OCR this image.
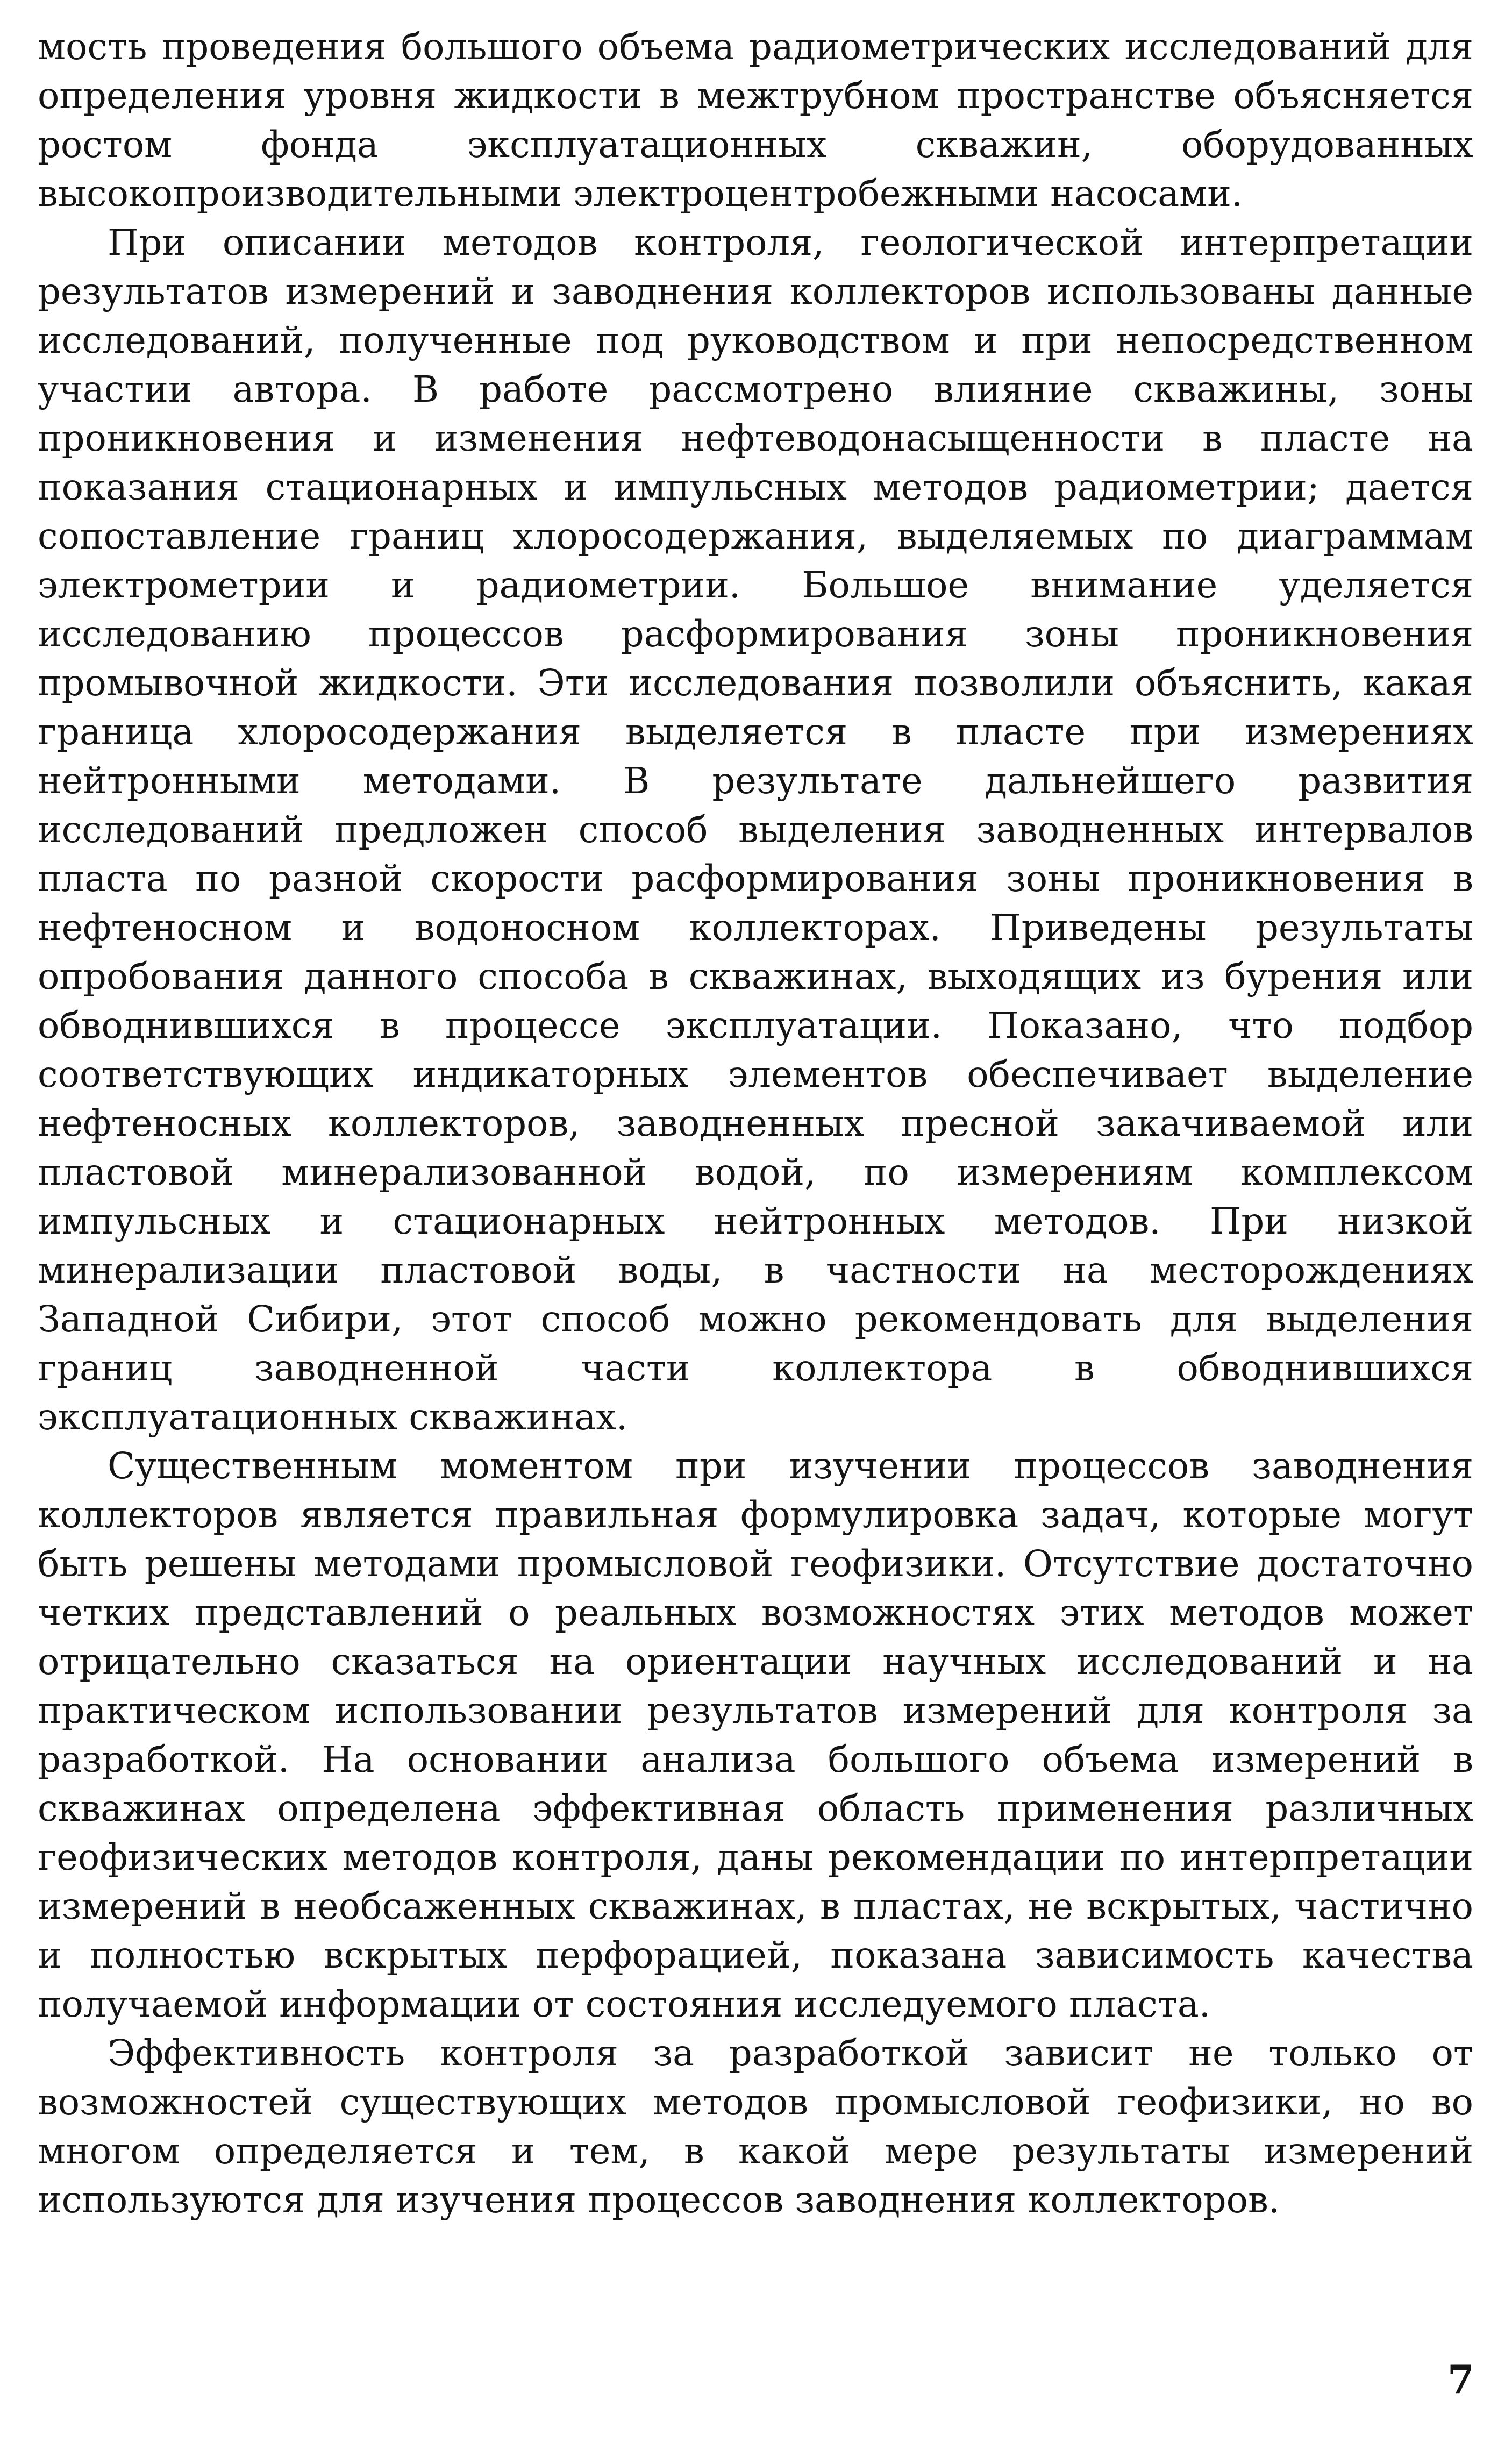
мость проведения большого объема радиометрических исследований для определения уровня жидкости в межтрубном пространстве объясняется ростом фонда эксплуатационных скважин, оборудованных высокопроизводительными электроцентробежными насосами.

При описании методов контроля, геологической интерпретации результатов измерений и заводнения коллекторов использованы данные исследований, полученные под руководством и при непосредственном участии автора. В работе рассмотрено влияние скважины, зоны проникновения и изменения нефтеводонасыщенности в пласте на показания стационарных и импульсных методов радиометрии; дается сопоставление границ хлоросодержания, выделяемых по диаграммам электрометрии и радиометрии. Большое внимание уделяется исследованию процессов расформирования зоны проникновения промывочной жидкости. Эти исследования позволили объяснить, какая граница хлоросодержания выделяется в пласте при измерениях нейтронными методами. В результате дальнейшего развития исследований предложен способ выделения заводненных интервалов пласта по разной скорости расформирования зоны проникновения в нефтеносном и водоносном коллекторах. Приведены результаты опробования данного способа в скважинах, выходящих из бурения или обводнившихся в процессе эксплуатации. Показано, что подбор соответствующих индикаторных элементов обеспечивает выделение нефтеносных коллекторов, заводненных пресной закачиваемой или пластовой минерализованной водой, по измерениям комплексом импульсных и стационарных нейтронных методов. При низкой минерализации пластовой воды, в частности на месторождениях Западной Сибири, этот способ можно рекомендовать для выделения границ заводненной части коллектора в обводнившихся эксплуатационных скважинах.

Существенным моментом при изучении процессов заводнения коллекторов является правильная формулировка задач, которые могут быть решены методами промысловой геофизики. Отсутствие достаточно четких представлений о реальных возможностях этих методов может отрицательно сказаться на ориентации научных исследований и на практическом использовании результатов измерений для контроля за разработкой. На основании анализа большого объема измерений в скважинах определена эффективная область применения различных геофизических методов контроля, даны рекомендации по интерпретации измерений в необсаженных скважинах, в пластах, не вскрытых, частично и полностью вскрытых перфорацией, показана зависимость качества получаемой информации от состояния исследуемого пласта.

Эффективность контроля за разработкой зависит не только от возможностей существующих методов промысловой геофизики, но во многом определяется и тем, в какой мере результаты измерений используются для изучения процессов заводнения коллекторов.

7
